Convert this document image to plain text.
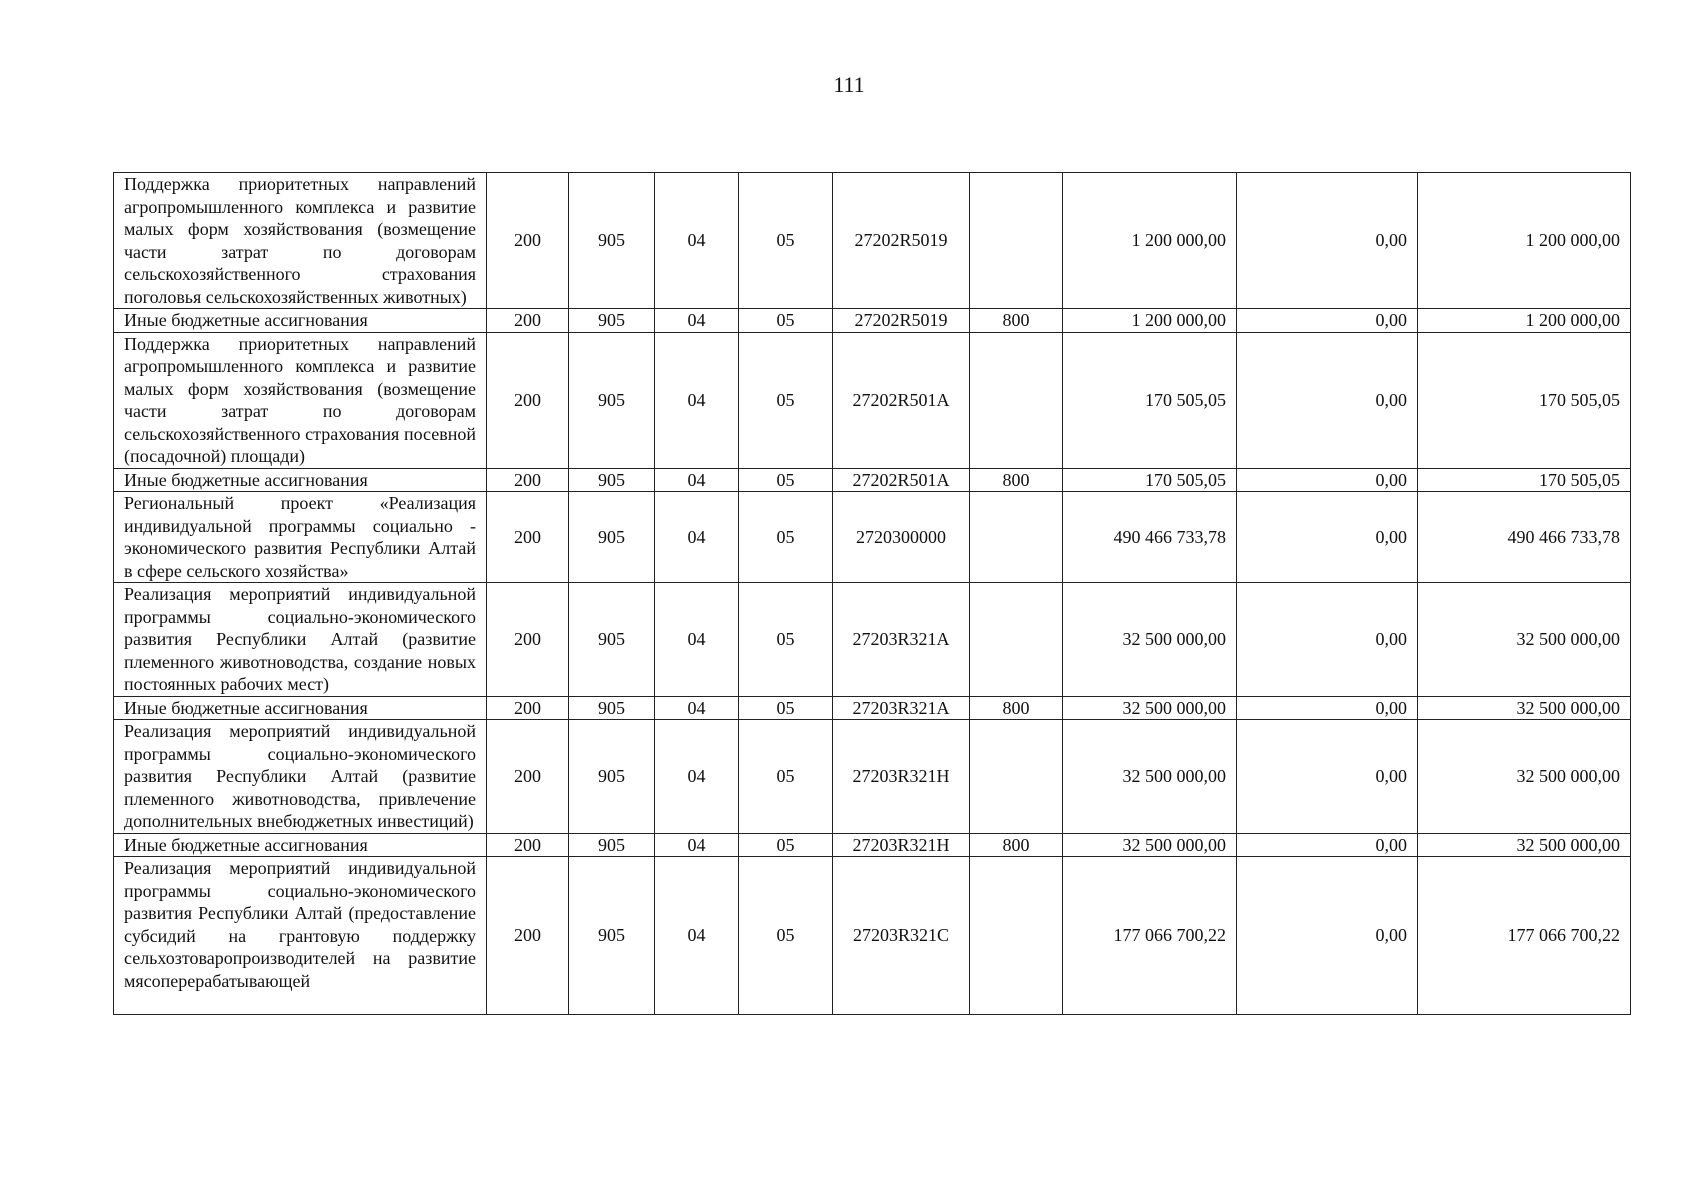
111
Поддержка приоритетных направлений агропромышленного комплекса и развитие малых форм хозяйствования (возмещение части затрат по договорам сельскохозяйственного страхования поголовья сельскохозяйственных животных)	200	905	04	05	27202R5019		1 200 000,00	0,00	1 200 000,00
Иные бюджетные ассигнования	200	905	04	05	27202R5019	800	1 200 000,00	0,00	1 200 000,00
Поддержка приоритетных направлений агропромышленного комплекса и развитие малых форм хозяйствования (возмещение части затрат по договорам сельскохозяйственного страхования посевной (посадочной) площади)	200	905	04	05	27202R501A		170 505,05	0,00	170 505,05
Иные бюджетные ассигнования	200	905	04	05	27202R501A	800	170 505,05	0,00	170 505,05
Региональный проект «Реализация индивидуальной программы социально - экономического развития Республики Алтай в сфере сельского хозяйства»	200	905	04	05	2720300000		490 466 733,78	0,00	490 466 733,78
Реализация мероприятий индивидуальной программы социально-экономического развития Республики Алтай (развитие племенного животноводства, создание новых постоянных рабочих мест)	200	905	04	05	27203R321A		32 500 000,00	0,00	32 500 000,00
Иные бюджетные ассигнования	200	905	04	05	27203R321A	800	32 500 000,00	0,00	32 500 000,00
Реализация мероприятий индивидуальной программы социально-экономического развития Республики Алтай (развитие племенного животноводства, привлечение дополнительных внебюджетных инвестиций)	200	905	04	05	27203R321Н		32 500 000,00	0,00	32 500 000,00
Иные бюджетные ассигнования	200	905	04	05	27203R321Н	800	32 500 000,00	0,00	32 500 000,00

Реализация мероприятий индивидуальной программы социально-экономического развития Республики Алтай (предоставление субсидий на грантовую поддержку сельхозтоваропроизводителей на развитие мясоперерабатывающей	200	905	04	05	27203R321С		177 066 700,22	0,00	177 066 700,22
